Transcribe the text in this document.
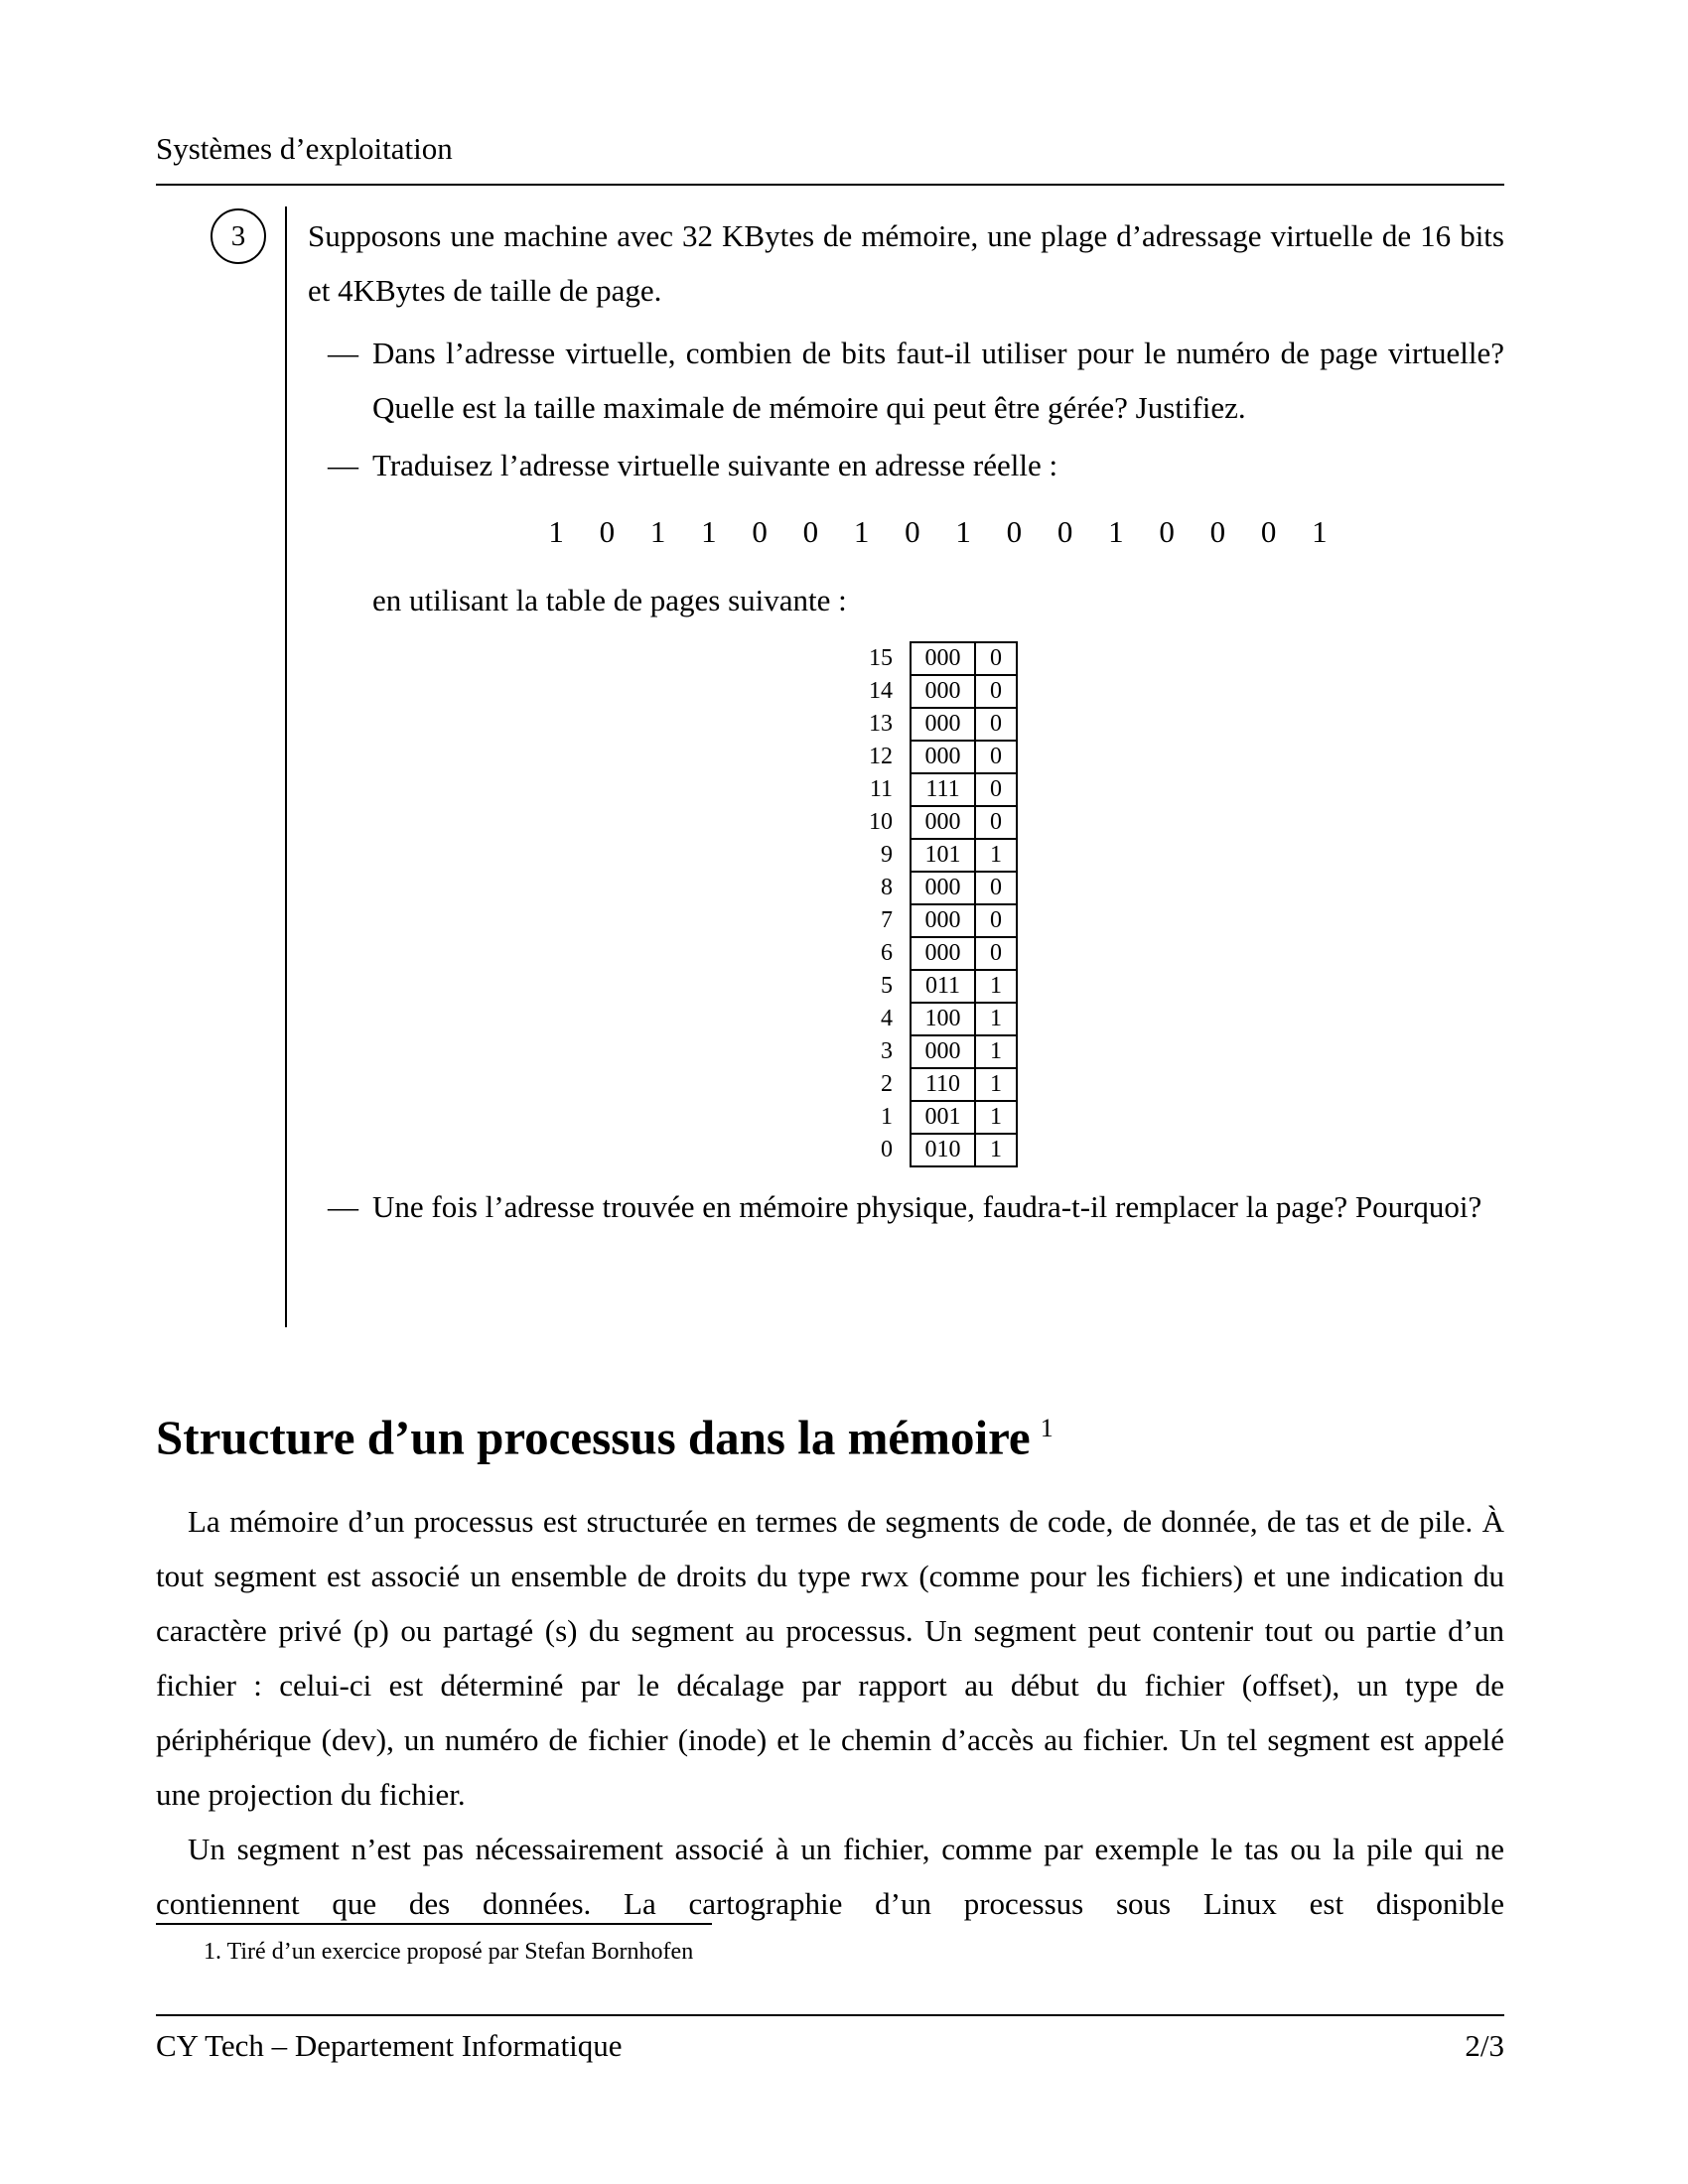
Systèmes d’exploitation
3	Supposons une machine avec 32 KBytes de mémoire, une plage d’adressage virtuelle de 16 bits et 4KBytes de taille de page.
— Dans l’adresse virtuelle, combien de bits faut-il utiliser pour le numéro de page virtuelle? Quelle est la taille maximale de mémoire qui peut être gérée? Justifiez.
— Traduisez l’adresse virtuelle suivante en adresse réelle :
1 0 1 1 0 0 1 0 1 0 0 1 0 0 0 1
en utilisant la table de pages suivante :
15	000	0
14	000	0
13	000	0
12	000	0
11	111	0
10	000	0
9	101	1
8	000	0
7	000	0
6	000	0
5	011	1
4	100	1
3	000	1
2	110	1
1	001	1
0	010	1
— Une fois l’adresse trouvée en mémoire physique, faudra-t-il remplacer la page? Pourquoi?
Structure d’un processus dans la mémoire $^1$

La mémoire d’un processus est structurée en termes de segments de code, de donnée, de tas et de pile. À tout segment est associé un ensemble de droits du type rwx (comme pour les fichiers) et une indication du caractère privé (p) ou partagé (s) du segment au processus. Un segment peut contenir tout ou partie d’un fichier : celui-ci est déterminé par le décalage par rapport au début du fichier (offset), un type de périphérique (dev), un numéro de fichier (inode) et le chemin d’accès au fichier. Un tel segment est appelé une projection du fichier.

Un segment n’est pas nécessairement associé à un fichier, comme par exemple le tas ou la pile qui ne contiennent que des données. La cartographie d’un processus sous Linux est disponible

1. Tiré d’un exercice proposé par Stefan Bornhofen
CY Tech – Departement Informatique	2/3
